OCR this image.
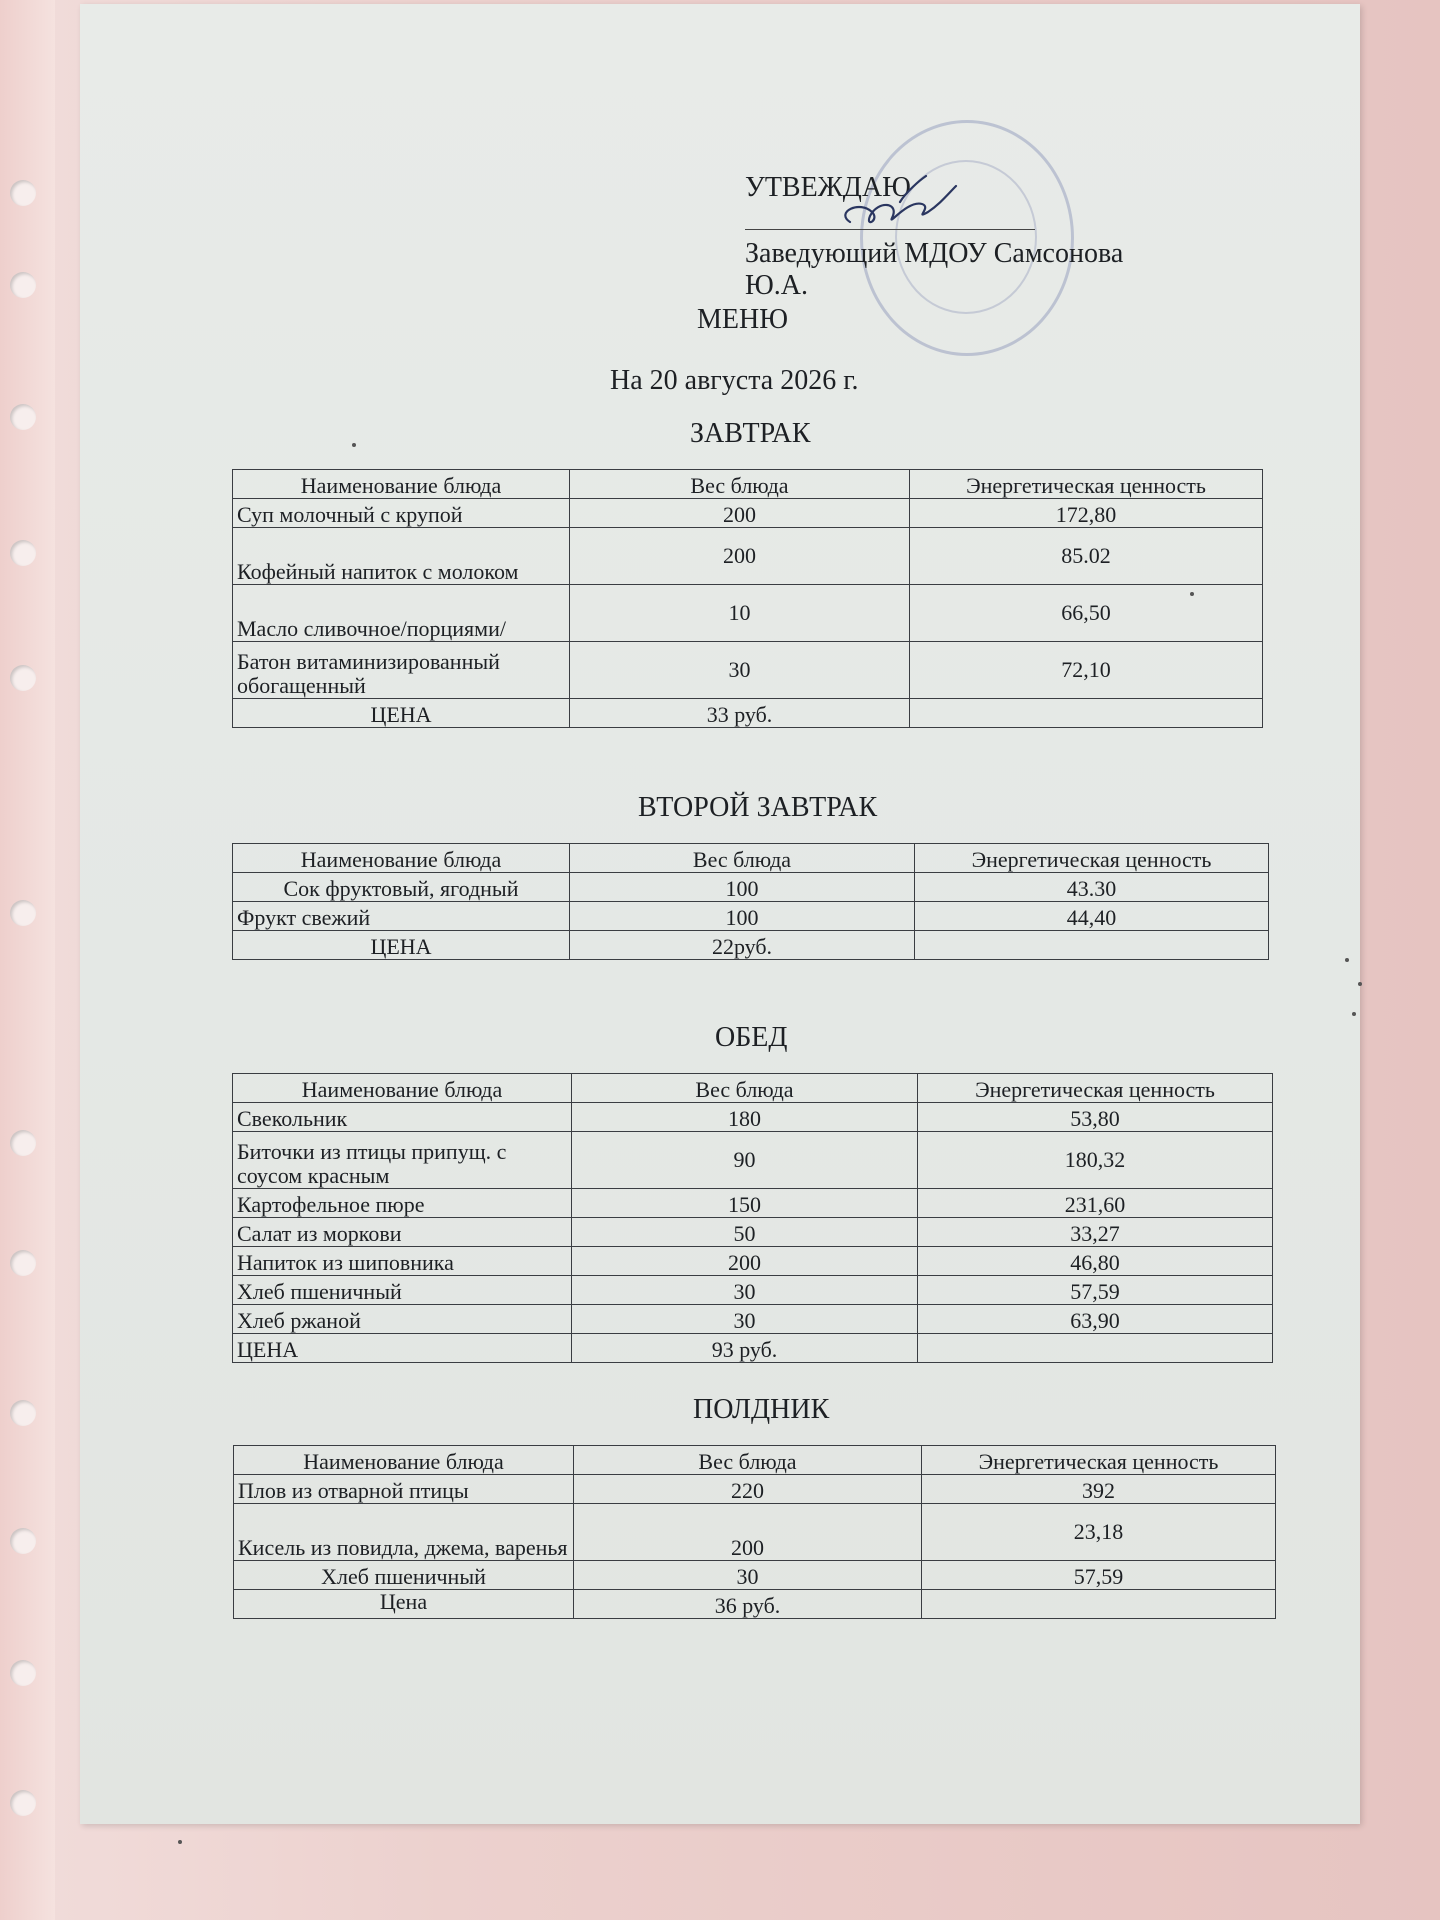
УТВЕЖДАЮ
Заведующий МДОУ Самсонова
Ю.А.
МЕНЮ
На 20 августа 2026 г.
ЗАВТРАК
Наименование блюда	Вес блюда	Энергетическая ценность
Суп молочный с крупой	200	172,80
Кофейный напиток с молоком	200	85.02
Масло сливочное/порциями/	10	66,50
Батон витаминизированный обогащенный	30	72,10
ЦЕНА	33 руб.	
ВТОРОЙ ЗАВТРАК
Наименование блюда	Вес блюда	Энергетическая ценность
Сок фруктовый, ягодный	100	43.30
Фрукт свежий	100	44,40
ЦЕНА	22руб.	
ОБЕД
Наименование блюда	Вес блюда	Энергетическая ценность
Свекольник	180	53,80
Биточки из птицы припущ. с соусом красным	90	180,32
Картофельное пюре	150	231,60
Салат из моркови	50	33,27
Напиток из шиповника	200	46,80
Хлеб пшеничный	30	57,59
Хлеб ржаной	30	63,90
ЦЕНА	93 руб.	
ПОЛДНИК
Наименование блюда	Вес блюда	Энергетическая ценность
Плов из отварной птицы	220	392
Кисель из повидла, джема, варенья	200	23,18
Хлеб пшеничный	30	57,59
Цена	36 руб.	
